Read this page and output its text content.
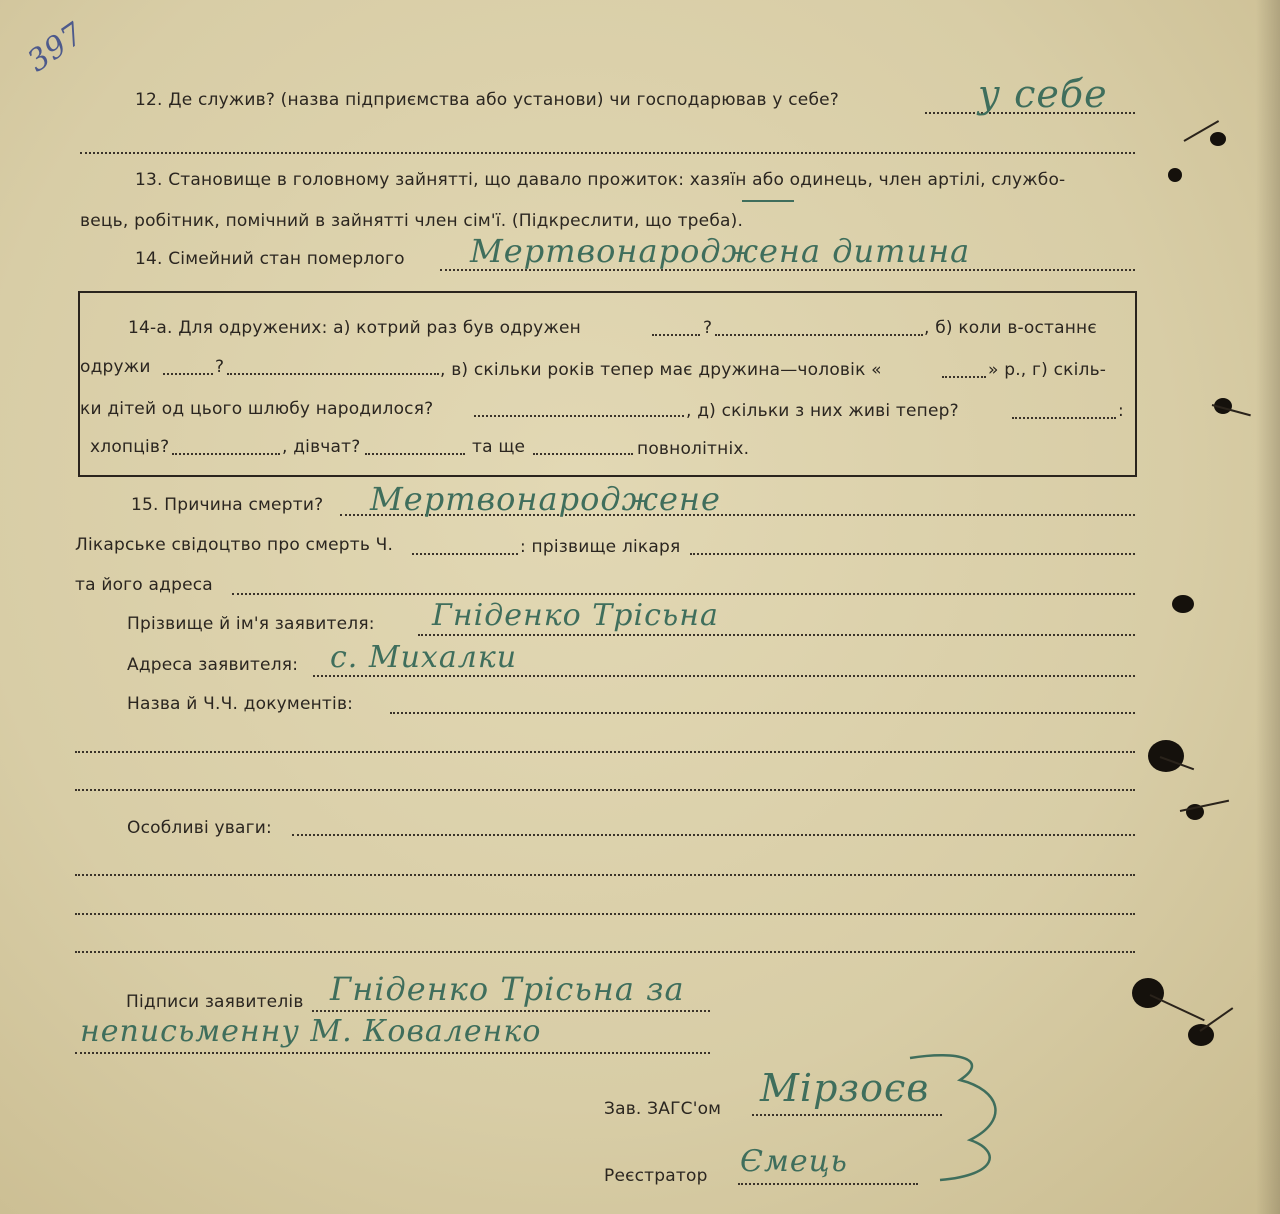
397
12. Де служив? (назва підприємства або установи) чи господарював у себе?	у себе
13. Становище в головному зайнятті, що давало прожиток: хазяїн або одинець, член артілі, службо-
вець, робітник, помічний в зайнятті член сім'ї. (Підкреслити, що треба).
14. Сімейний стан померлого Мертвонароджена дитина
14-а. Для одружених: а) котрий раз був одружен	?	, б) коли в-останнє
одружи	?	, в) скільки років тепер має дружина—чоловік «	» р., г) скіль-
ки дітей од цього шлюбу народилося?	, д) скільки з них живі тепер?	:
хлопців?	, дівчат?	та ще	повнолітніх.
15. Причина смерти? Мертвонароджене
Лікарське свідоцтво про смерть Ч.	: прізвище лікаря
та його адреса
Прізвище й ім'я заявителя: Гніденко Трісьна
Адреса заявителя: с. Михалки
Назва й Ч.Ч. документів:
Особливі уваги:
Підписи заявителів Гніденко Трісьна за
неписьменну М. Коваленко
Зав. ЗАГС'ом Мірзоєв
Реєстратор Ємець
